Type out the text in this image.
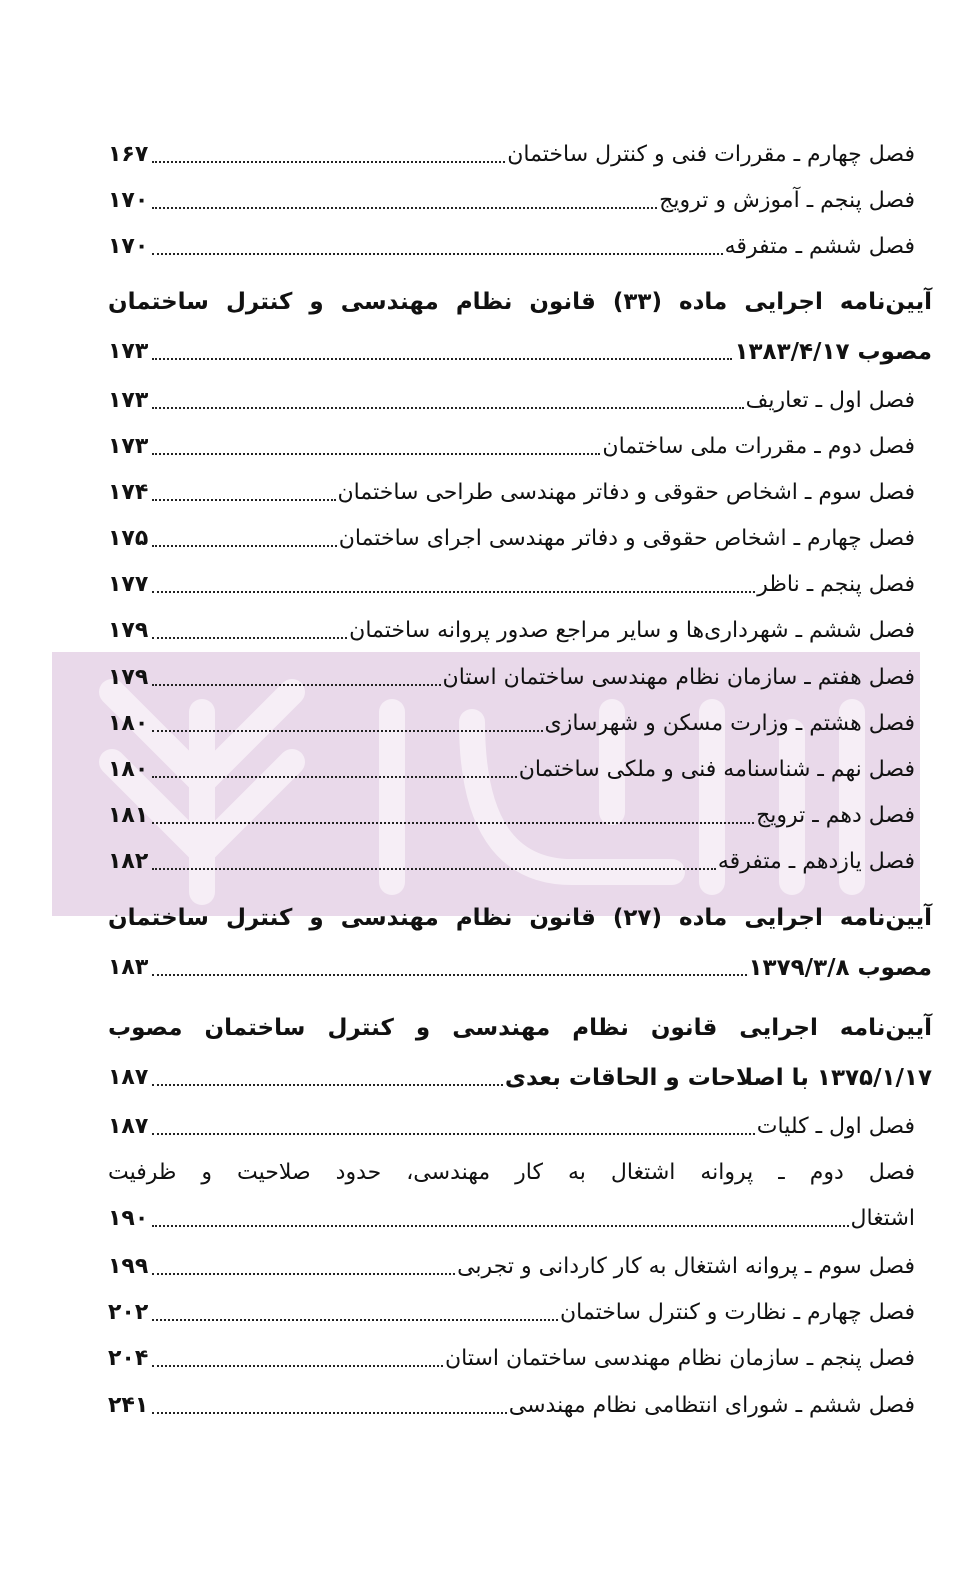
فصل چهارم ـ مقررات فنی و کنترل ساختمان
۱۶۷
فصل پنجم ـ آموزش و ترویج
۱۷۰
فصل ششم ـ متفرقه
۱۷۰
آیین‌نامه اجرایی ماده (۳۳) قانون نظام مهندسی و کنترل ساختمان
مصوب ۱۳۸۳/۴/۱۷
۱۷۳
فصل اول ـ تعاریف
۱۷۳
فصل دوم ـ مقررات ملی ساختمان
۱۷۳
فصل سوم ـ اشخاص حقوقی و دفاتر مهندسی طراحی ساختمان
۱۷۴
فصل چهارم ـ اشخاص حقوقی و دفاتر مهندسی اجرای ساختمان
۱۷۵
فصل پنجم ـ ناظر
۱۷۷
فصل ششم ـ شهرداری‌ها و سایر مراجع صدور پروانه ساختمان
۱۷۹
فصل هفتم ـ سازمان نظام مهندسی ساختمان استان
۱۷۹
فصل هشتم ـ وزارت مسکن و شهرسازی
۱۸۰
فصل نهم ـ شناسنامه فنی و ملکی ساختمان
۱۸۰
فصل دهم ـ ترویج
۱۸۱
فصل یازدهم ـ متفرقه
۱۸۲
آیین‌نامه اجرایی ماده (۲۷) قانون نظام مهندسی و کنترل ساختمان
مصوب ۱۳۷۹/۳/۸
۱۸۳
آیین‌نامه اجرایی قانون نظام مهندسی و کنترل ساختمان مصوب
۱۳۷۵/۱/۱۷ با اصلاحات و الحاقات بعدی
۱۸۷
فصل اول ـ کلیات
۱۸۷
فصل دوم ـ پروانه اشتغال به کار مهندسی، حدود صلاحیت و ظرفیت
اشتغال
۱۹۰
فصل سوم ـ پروانه اشتغال به کار کاردانی و تجربی
۱۹۹
فصل چهارم ـ نظارت و کنترل ساختمان
۲۰۲
فصل پنجم ـ سازمان نظام مهندسی ساختمان استان
۲۰۴
فصل ششم ـ شورای انتظامی نظام مهندسی
۲۴۱
